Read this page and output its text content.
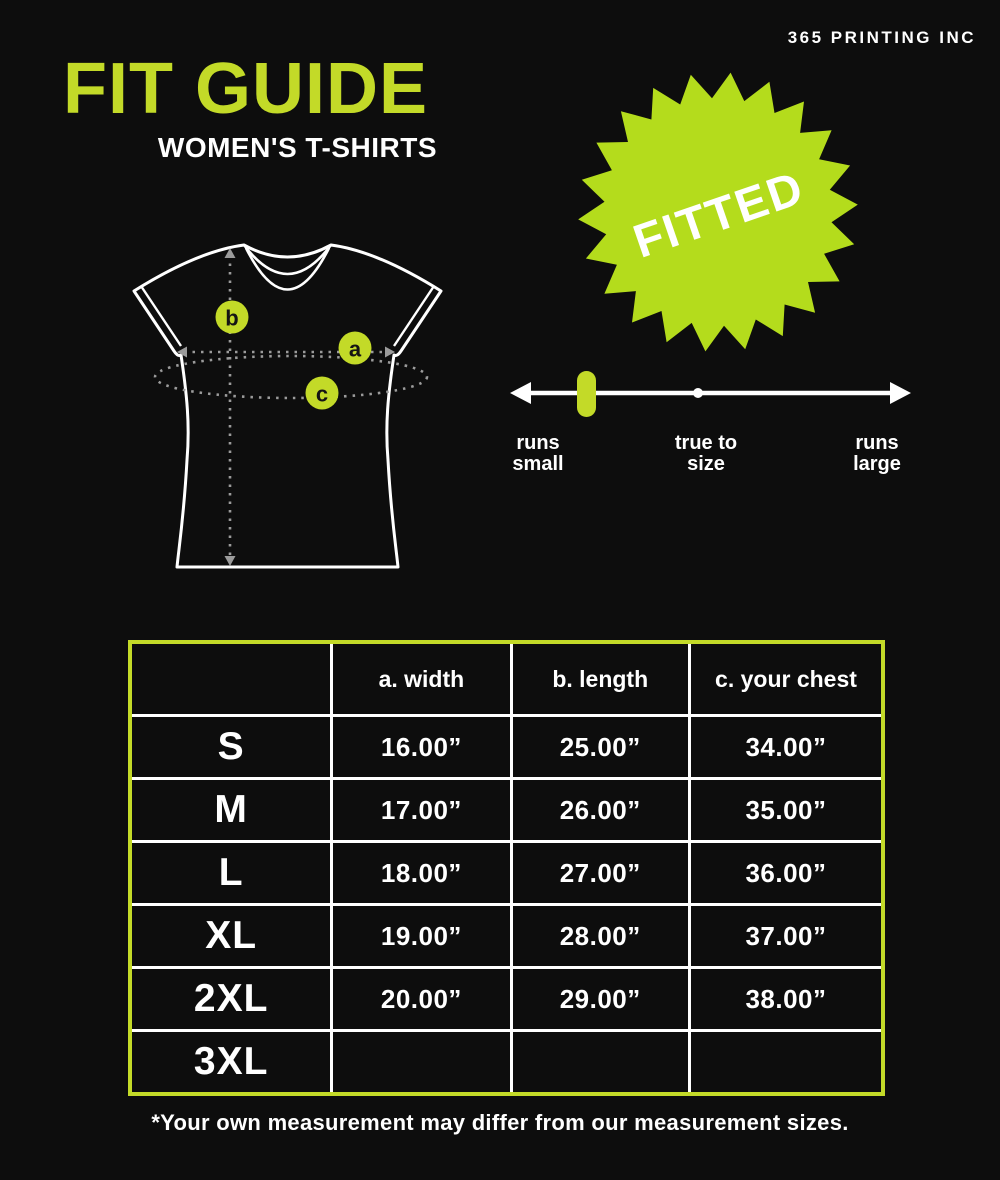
365 PRINTING INC
FIT GUIDE
WOMEN'S T-SHIRTS
b
a
c
FITTED
runs
small
true to
size
runs
large
	a. width	b. length	c. your chest
S	16.00”	25.00”	34.00”
M	17.00”	26.00”	35.00”
L	18.00”	27.00”	36.00”
XL	19.00”	28.00”	37.00”
2XL	20.00”	29.00”	38.00”
3XL			
*Your own measurement may differ from our measurement sizes.
